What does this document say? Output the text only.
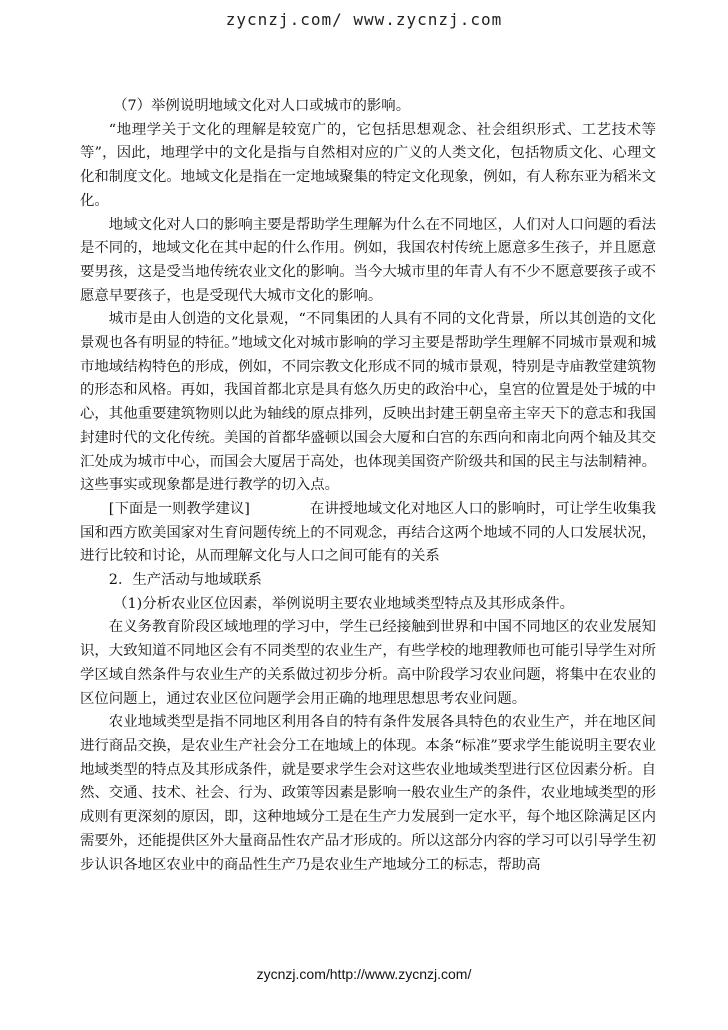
zycnzj.com/ www.zycnzj.com

（7）举例说明地域文化对人口或城市的影响。

“地理学关于文化的理解是较宽广的，它包括思想观念、社会组织形式、工艺技术等等”，因此，地理学中的文化是指与自然相对应的广义的人类文化，包括物质文化、心理文化和制度文化。地域文化是指在一定地域聚集的特定文化现象，例如，有人称东亚为稻米文化。

地域文化对人口的影响主要是帮助学生理解为什么在不同地区，人们对人口问题的看法是不同的，地域文化在其中起的什么作用。例如，我国农村传统上愿意多生孩子，并且愿意要男孩，这是受当地传统农业文化的影响。当今大城市里的年青人有不少不愿意要孩子或不愿意早要孩子，也是受现代大城市文化的影响。

城市是由人创造的文化景观，“不同集团的人具有不同的文化背景，所以其创造的文化景观也各有明显的特征。”地域文化对城市影响的学习主要是帮助学生理解不同城市景观和城市地域结构特色的形成，例如，不同宗教文化形成不同的城市景观，特别是寺庙教堂建筑物的形态和风格。再如，我国首都北京是具有悠久历史的政治中心，皇宫的位置是处于城的中心，其他重要建筑物则以此为轴线的原点排列，反映出封建王朝皇帝主宰天下的意志和我国封建时代的文化传统。美国的首都华盛顿以国会大厦和白宫的东西向和南北向两个轴及其交汇处成为城市中心，而国会大厦居于高处，也体现美国资产阶级共和国的民主与法制精神。这些事实或现象都是进行教学的切入点。

[下面是一则教学建议]	在讲授地域文化对地区人口的影响时，可让学生收集我国和西方欧美国家对生育问题传统上的不同观念，再结合这两个地域不同的人口发展状况，进行比较和讨论，从而理解文化与人口之间可能有的关系

2．生产活动与地域联系

（1)分析农业区位因素，举例说明主要农业地域类型特点及其形成条件。

在义务教育阶段区域地理的学习中，学生已经接触到世界和中国不同地区的农业发展知识，大致知道不同地区会有不同类型的农业生产，有些学校的地理教师也可能引导学生对所学区域自然条件与农业生产的关系做过初步分析。高中阶段学习农业问题，将集中在农业的区位问题上，通过农业区位问题学会用正确的地理思想思考农业问题。

农业地域类型是指不同地区利用各自的特有条件发展各具特色的农业生产，并在地区间进行商品交换，是农业生产社会分工在地域上的体现。本条“标准”要求学生能说明主要农业地域类型的特点及其形成条件，就是要求学生会对这些农业地域类型进行区位因素分析。自然、交通、技术、社会、行为、政策等因素是影响一般农业生产的条件，农业地域类型的形成则有更深刻的原因，即，这种地域分工是在生产力发展到一定水平，每个地区除满足区内需要外，还能提供区外大量商品性农产品才形成的。所以这部分内容的学习可以引导学生初步认识各地区农业中的商品性生产乃是农业生产地域分工的标志，帮助高

zycnzj.com/http://www.zycnzj.com/
